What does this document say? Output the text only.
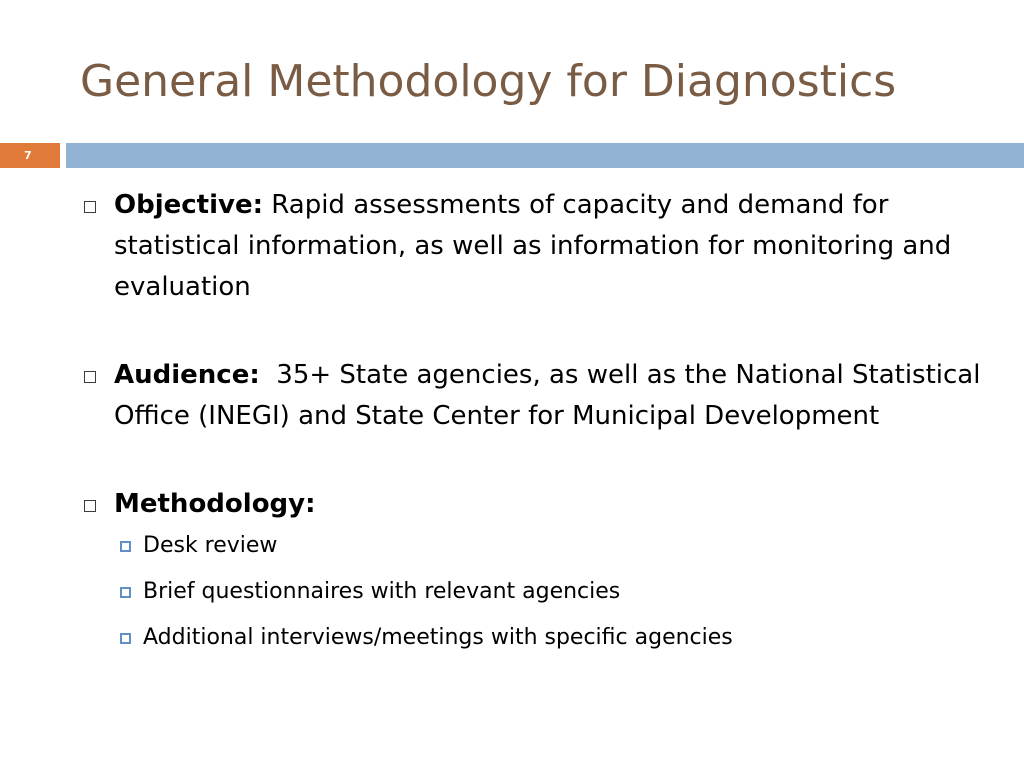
General Methodology for Diagnostics
7
Objective: Rapid assessments of capacity and demand for statistical information, as well as information for monitoring and evaluation
Audience:  35+ State agencies, as well as the National Statistical Office (INEGI) and State Center for Municipal Development
Methodology:
Desk review
Brief questionnaires with relevant agencies
Additional interviews/meetings with specific agencies
